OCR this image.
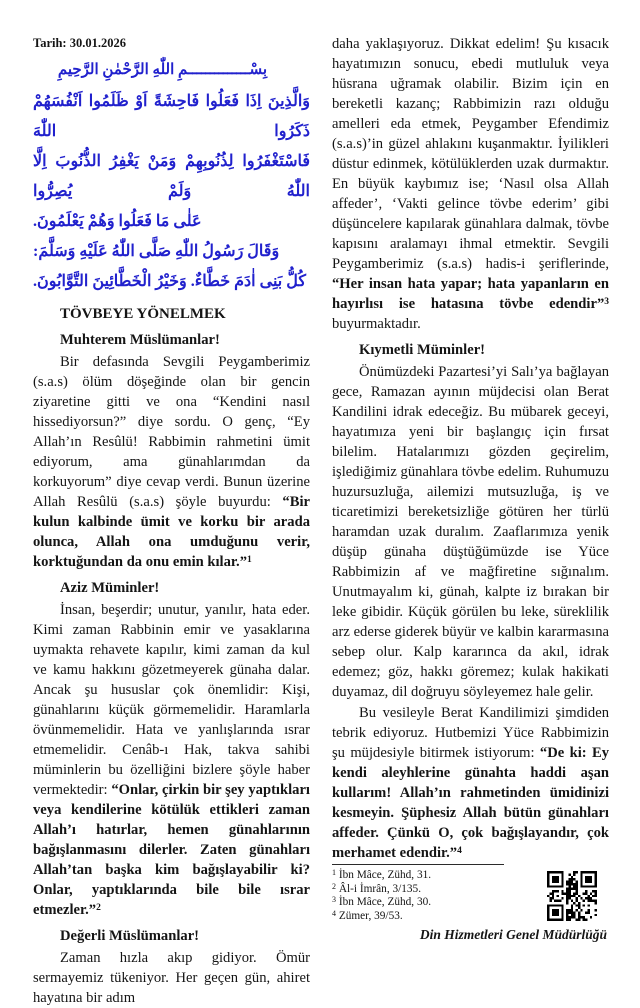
Tarih: 30.01.2026
بِسْــــــــــــــمِ اللّٰهِ الرَّحْمٰنِ الرَّحِيمِ
وَالَّذِينَ اِذَا فَعَلُوا فَاحِشَةً اَوْ ظَلَمُوا اَنْفُسَهُمْ ذَكَرُوا اللّٰهَ
فَاسْتَغْفَرُوا لِذُنُوبِهِمْ وَمَنْ يَغْفِرُ الذُّنُوبَ اِلَّا اللّٰهُ وَلَمْ يُصِرُّوا
عَلٰى مَا فَعَلُوا وَهُمْ يَعْلَمُونَ.
وَقَالَ رَسُولُ اللّٰهِ صَلَّى اللّٰهُ عَلَيْهِ وَسَلَّمَ:
كُلُّ بَنِى اٰدَمَ خَطَّاءٌ. وَخَيْرُ الْخَطَّائِينَ التَّوَّابُونَ.
TÖVBEYE YÖNELMEK
Muhterem Müslümanlar!

Bir defasında Sevgili Peygamberimiz (s.a.s) ölüm döşeğinde olan bir gencin ziyaretine gitti ve ona “Kendini nasıl hissediyorsun?” diye sordu. O genç, “Ey Allah’ın Resûlü! Rabbimin rahmetini ümit ediyorum, ama günahlarımdan da korkuyorum” diye cevap verdi. Bunun üzerine Allah Resûlü (s.a.s) şöyle buyurdu: “Bir kulun kalbinde ümit ve korku bir arada olunca, Allah ona umduğunu verir, korktuğundan da onu emin kılar.”$^1$

Aziz Müminler!

İnsan, beşerdir; unutur, yanılır, hata eder. Kimi zaman Rabbinin emir ve yasaklarına uymakta rehavete kapılır, kimi zaman da kul ve kamu hakkını gözetmeyerek günaha dalar. Ancak şu hususlar çok önemlidir: Kişi, günahlarını küçük görmemelidir. Haramlarla övünmemelidir. Hata ve yanlışlarında ısrar etmemelidir. Cenâb-ı Hak, takva sahibi müminlerin bu özelliğini bizlere şöyle haber vermektedir: “Onlar, çirkin bir şey yaptıkları veya kendilerine kötülük ettikleri zaman Allah’ı hatırlar, hemen günahlarının bağışlanmasını dilerler. Zaten günahları Allah’tan başka kim bağışlayabilir ki? Onlar, yaptıklarında bile bile ısrar etmezler.”$^2$

Değerli Müslümanlar!

Zaman hızla akıp gidiyor. Ömür sermayemiz tükeniyor. Her geçen gün, ahiret hayatına bir adım

daha yaklaşıyoruz. Dikkat edelim! Şu kısacık hayatımızın sonucu, ebedi mutluluk veya hüsrana uğramak olabilir. Bizim için en bereketli kazanç; Rabbimizin razı olduğu amelleri eda etmek, Peygamber Efendimiz (s.a.s)’in güzel ahlakını kuşanmaktır. İyilikleri düstur edinmek, kötülüklerden uzak durmaktır. En büyük kaybımız ise; ‘Nasıl olsa Allah affeder’, ‘Vakti gelince tövbe ederim’ gibi düşüncelere kapılarak günahlara dalmak, tövbe kapısını aralamayı ihmal etmektir. Sevgili Peygamberimiz (s.a.s) hadis-i şeriflerinde, “Her insan hata yapar; hata yapanların en hayırlısı ise hatasına tövbe edendir”$^3$ buyurmaktadır.

Kıymetli Müminler!

Önümüzdeki Pazartesi’yi Salı’ya bağlayan gece, Ramazan ayının müjdecisi olan Berat Kandilini idrak edeceğiz. Bu mübarek geceyi, hayatımıza yeni bir başlangıç için fırsat bilelim. Hatalarımızı gözden geçirelim, işlediğimiz günahlara tövbe edelim. Ruhumuzu huzursuzluğa, ailemizi mutsuzluğa, iş ve ticaretimizi bereketsizliğe götüren her türlü haramdan uzak duralım. Zaaflarımıza yenik düşüp günaha düştüğümüzde ise Yüce Rabbimizin af ve mağfiretine sığınalım. Unutmayalım ki, günah, kalpte iz bırakan bir leke gibidir. Küçük görülen bu leke, süreklilik arz ederse giderek büyür ve kalbin kararmasına sebep olur. Kalp kararınca da akıl, idrak edemez; göz, hakkı göremez; kulak hakikati duyamaz, dil doğruyu söyleyemez hale gelir.

Bu vesileyle Berat Kandilimizi şimdiden tebrik ediyoruz. Hutbemizi Yüce Rabbimizin şu müjdesiyle bitirmek istiyorum: “De ki: Ey kendi aleyhlerine günahta haddi aşan kullarım! Allah’ın rahmetinden ümidinizi kesmeyin. Şüphesiz Allah bütün günahları affeder. Çünkü O, çok bağışlayandır, çok merhamet edendir.”$^4$

$^1$ İbn Mâce, Zühd, 31.
$^2$ Âl-i İmrân, 3/135.
$^3$ İbn Mâce, Zühd, 30.
$^4$ Zümer, 39/53.
Din Hizmetleri Genel Müdürlüğü
